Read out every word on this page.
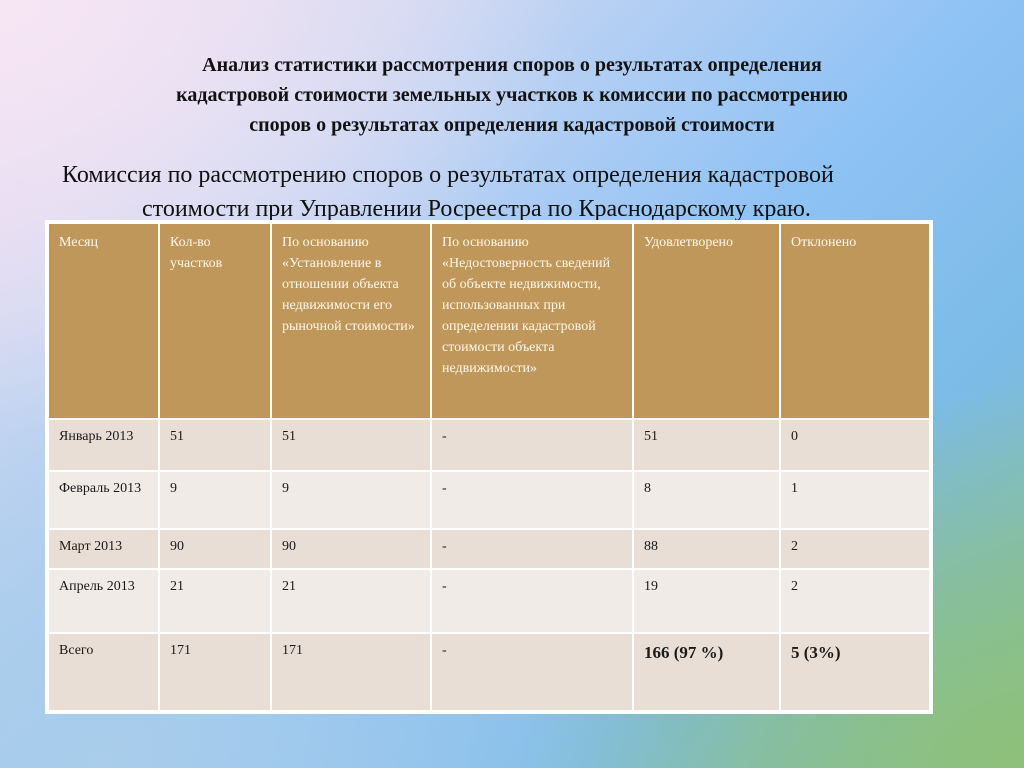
Анализ статистики рассмотрения споров о результатах определения
кадастровой стоимости земельных участков к комиссии по рассмотрению
споров о результатах определения кадастровой стоимости
Комиссия по рассмотрению споров о результатах определения кадастровой
стоимости при Управлении Росреестра по Краснодарскому краю.
Месяц	Кол-во участков	По основанию «Установление в отношении объекта недвижимости его рыночной стоимости»	По основанию «Недостоверность сведений об объекте недвижимости, использованных при определении кадастровой стоимости объекта недвижимости»	Удовлетворено	Отклонено
Январь 2013	51	51	-	51	0
Февраль 2013	9	9	-	8	1
Март 2013	90	90	-	88	2
Апрель 2013	21	21	-	19	2
Всего	171	171	-	166 (97 %)	5 (3%)
